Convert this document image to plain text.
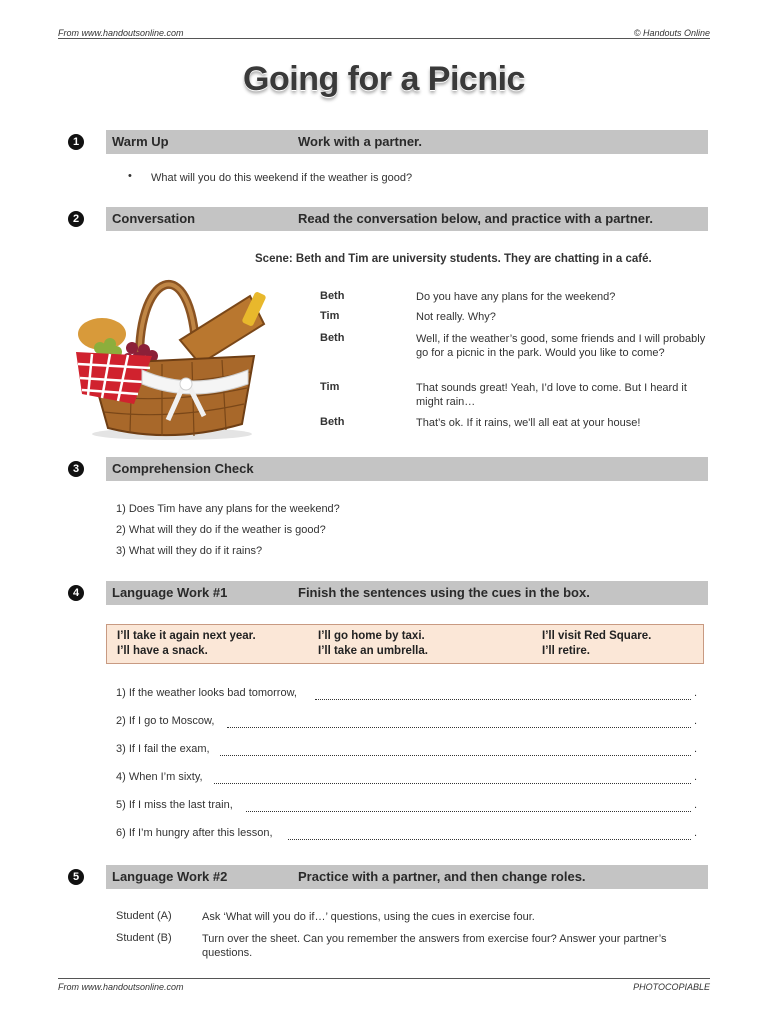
From www.handoutsonline.com	© Handouts Online
Going for a Picnic
1	Warm Up	Work with a partner.
• What will you do this weekend if the weather is good?
2	Conversation	Read the conversation below, and practice with a partner.
Scene: Beth and Tim are university students. They are chatting in a café.
Beth	Do you have any plans for the weekend?
Tim	Not really. Why?
Beth	Well, if the weather’s good, some friends and I will probably go for a picnic in the park. Would you like to come?
Tim	That sounds great! Yeah, I’d love to come. But I heard it might rain…
Beth	That’s ok. If it rains, we'll all eat at your house!
3	Comprehension Check
1) Does Tim have any plans for the weekend?
2) What will they do if the weather is good?
3) What will they do if it rains?
4	Language Work #1	Finish the sentences using the cues in the box.
I’ll take it again next year.	I’ll go home by taxi.	I’ll visit Red Square.
I’ll have a snack.	I’ll take an umbrella.	I’ll retire.
1) If the weather looks bad tomorrow,	.
2) If I go to Moscow,	.
3) If I fail the exam,	.
4) When I’m sixty,	.
5) If I miss the last train,	.
6) If I’m hungry after this lesson,	.
5	Language Work #2	Practice with a partner, and then change roles.
Student (A)	Ask ‘What will you do if…’ questions, using the cues in exercise four.
Student (B)	Turn over the sheet. Can you remember the answers from exercise four? Answer your partner’s questions.
From www.handoutsonline.com	PHOTOCOPIABLE
